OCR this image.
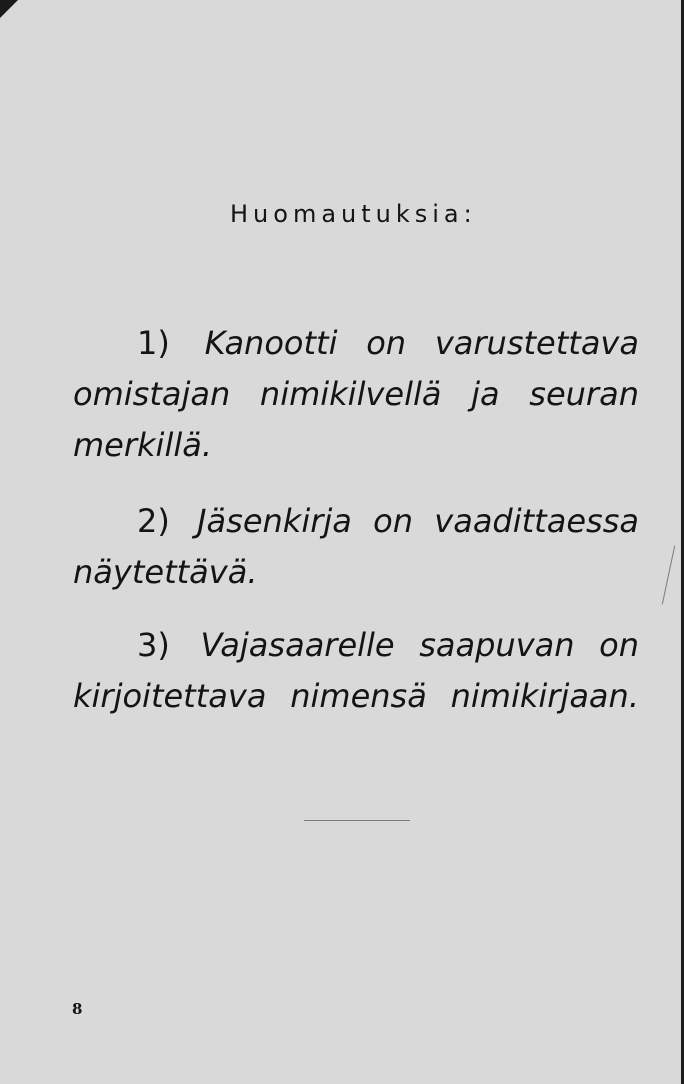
Huomautuksia:
1) Kanootti on varustettava
omistajan nimikilvellä ja seuran
merkillä.
2) Jäsenkirja on vaadittaessa
näytettävä.
3) Vajasaarelle saapuvan on
kirjoitettava nimensä nimikirjaan.
8
